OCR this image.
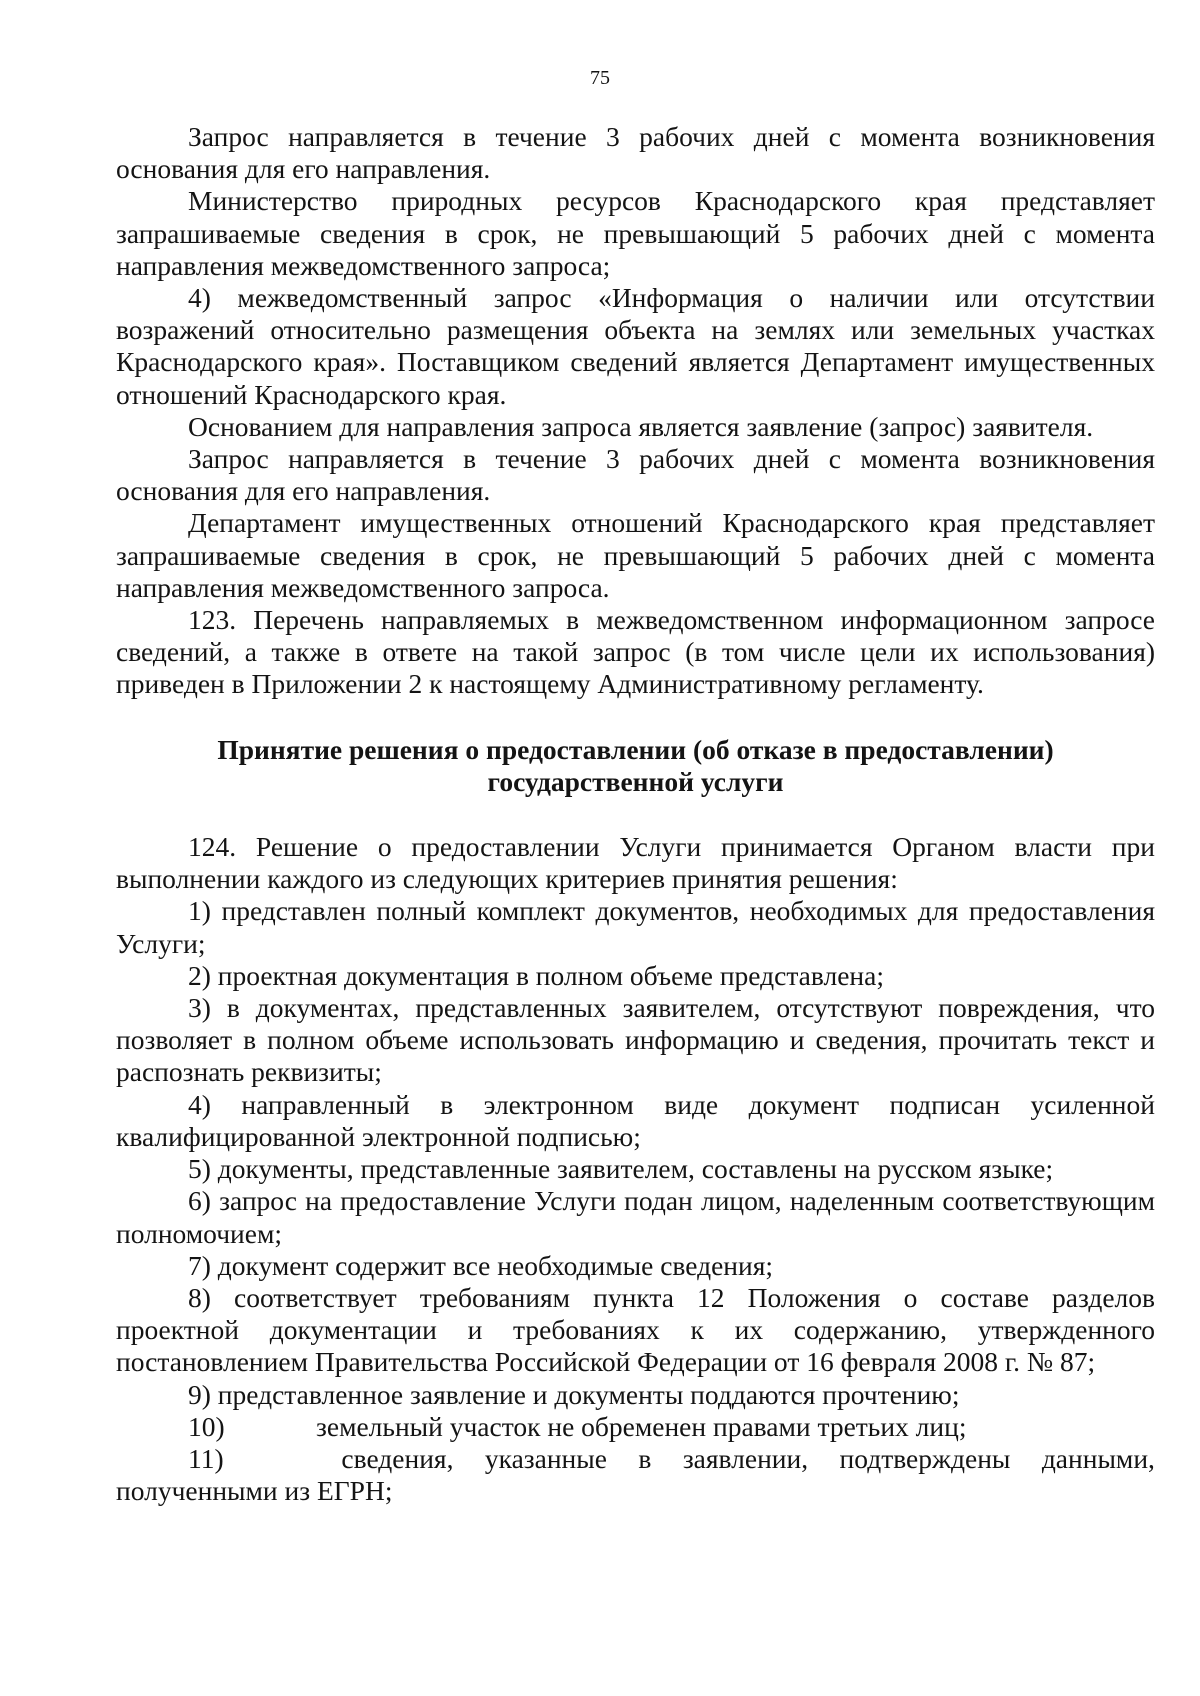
75

Запрос направляется в течение 3 рабочих дней с момента возникновения основания для его направления.

Министерство природных ресурсов Краснодарского края представляет запрашиваемые сведения в срок, не превышающий 5 рабочих дней с момента направления межведомственного запроса;

4) межведомственный запрос «Информация о наличии или отсутствии возражений относительно размещения объекта на землях или земельных участках Краснодарского края». Поставщиком сведений является Департамент имущественных отношений Краснодарского края.

Основанием для направления запроса является заявление (запрос) заявителя.

Запрос направляется в течение 3 рабочих дней с момента возникновения основания для его направления.

Департамент имущественных отношений Краснодарского края представляет запрашиваемые сведения в срок, не превышающий 5 рабочих дней с момента направления межведомственного запроса.

123. Перечень направляемых в межведомственном информационном запросе сведений, а также в ответе на такой запрос (в том числе цели их использования) приведен в Приложении 2 к настоящему Административному регламенту.

Принятие решения о предоставлении (об отказе в предоставлении)
государственной услуги

124. Решение о предоставлении Услуги принимается Органом власти при выполнении каждого из следующих критериев принятия решения:

1) представлен полный комплект документов, необходимых для предоставления Услуги;

2) проектная документация в полном объеме представлена;

3) в документах, представленных заявителем, отсутствуют повреждения, что позволяет в полном объеме использовать информацию и сведения, прочитать текст и распознать реквизиты;

4) направленный в электронном виде документ подписан усиленной квалифицированной электронной подписью;

5) документы, представленные заявителем, составлены на русском языке;

6) запрос на предоставление Услуги подан лицом, наделенным соответствующим полномочием;

7) документ содержит все необходимые сведения;

8) соответствует требованиям пункта 12 Положения о составе разделов проектной документации и требованиях к их содержанию, утвержденного постановлением Правительства Российской Федерации от 16 февраля 2008 г. № 87;

9) представленное заявление и документы поддаются прочтению;

10)	земельный участок не обременен правами третьих лиц;

11)	сведения, указанные в заявлении, подтверждены данными,
полученными из ЕГРН;
